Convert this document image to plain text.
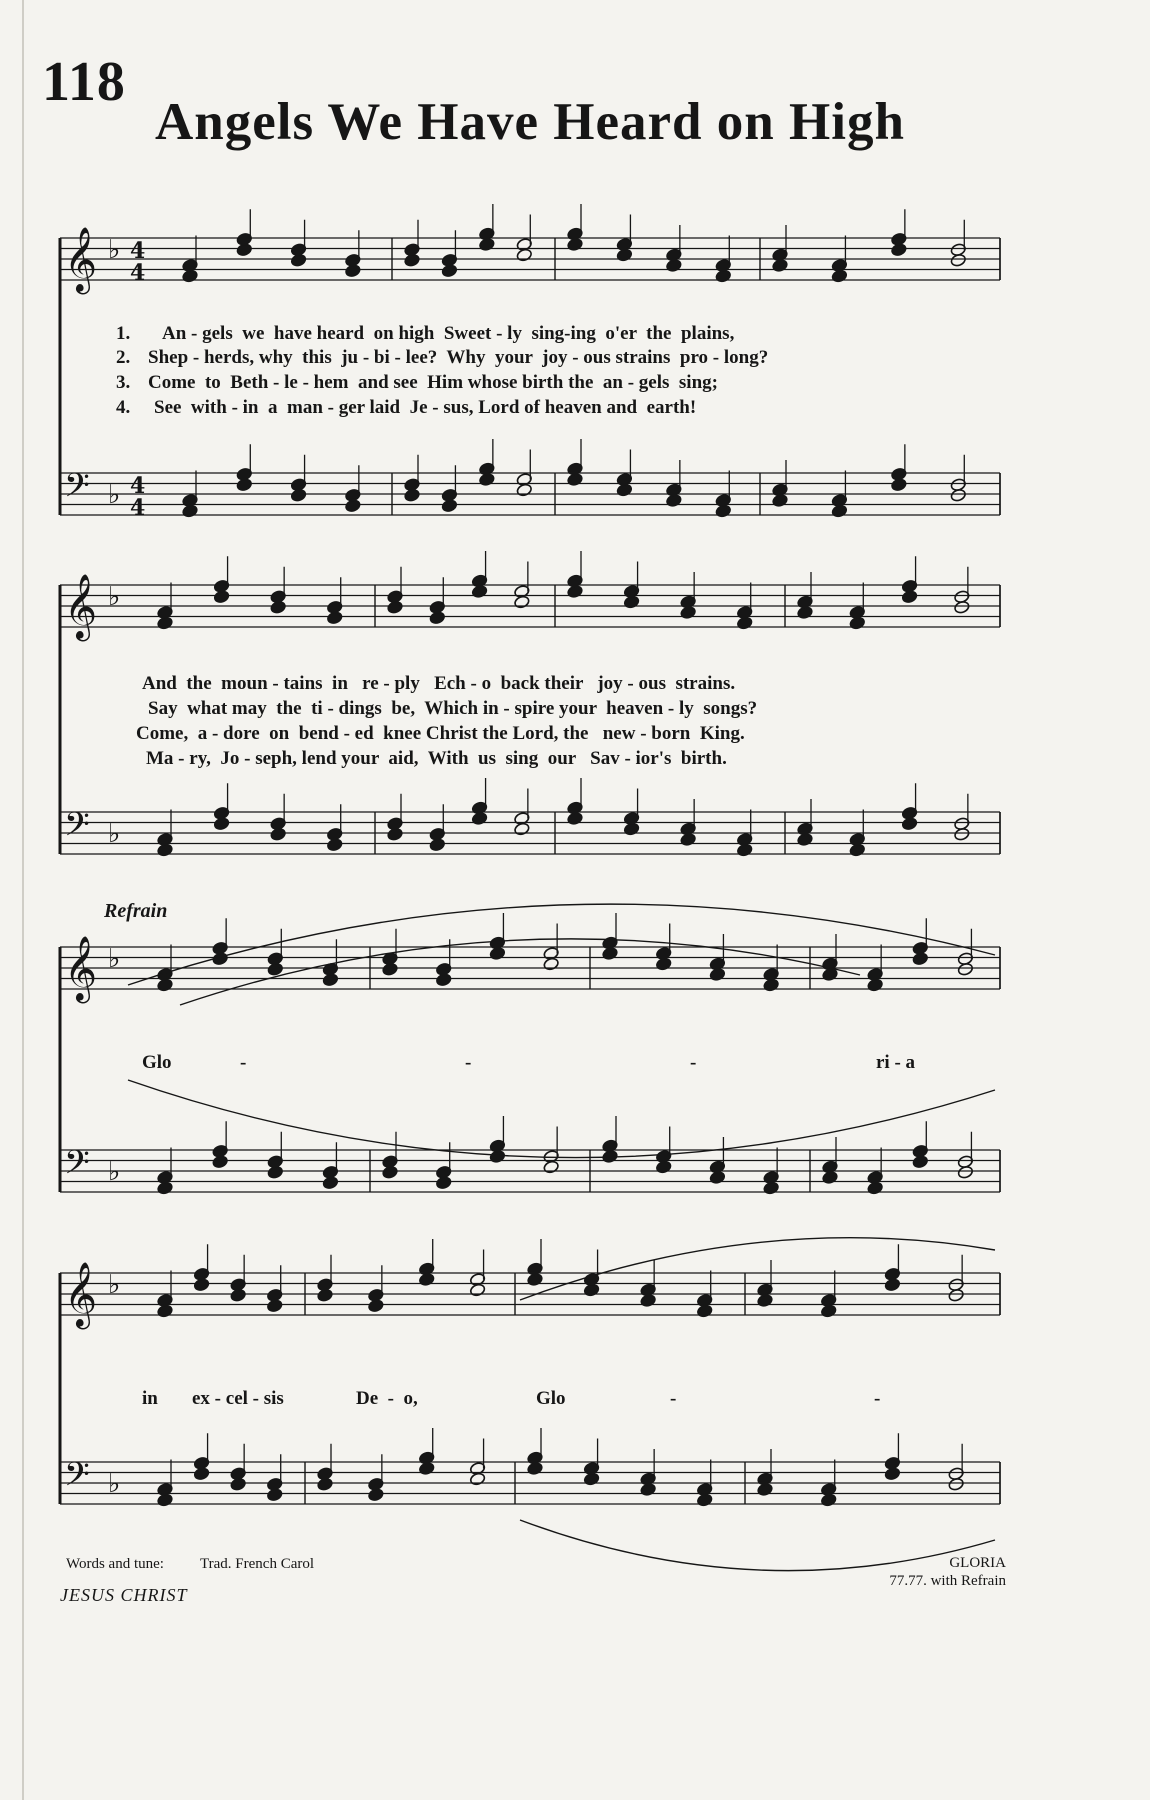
118
Angels We Have Heard on High
𝄞 ♭ 4
4
𝄢 ♭ 4
4
𝄞 ♭
𝄢 ♭
𝄞 ♭
𝄢 ♭
𝄞 ♭
𝄢 ♭
1. An - gels  we  have heard  on high  Sweet - ly  sing-ing  o'er  the  plains,
2. Shep - herds, why  this  ju - bi - lee?  Why  your  joy - ous strains  pro - long?
3. Come  to  Beth - le - hem  and see  Him whose birth the  an - gels  sing;
4. See  with - in  a  man - ger laid  Je - sus, Lord of heaven and  earth!
And  the  moun - tains  in   re - ply   Ech - o  back their   joy - ous  strains.
Say  what may  the  ti - dings  be,  Which in - spire your  heaven - ly  songs?
Come,  a - dore  on  bend - ed  knee Christ the Lord, the   new - born  King.
Ma - ry,  Jo - seph, lend your  aid,  With  us  sing  our   Sav - ior's  birth.
Refrain
Glo	-	-	-	ri - a
in ex - cel - sis	De  -  o,	Glo	-	-
Words and tune: Trad. French Carol
JESUS CHRIST
GLORIA
77.77. with Refrain
